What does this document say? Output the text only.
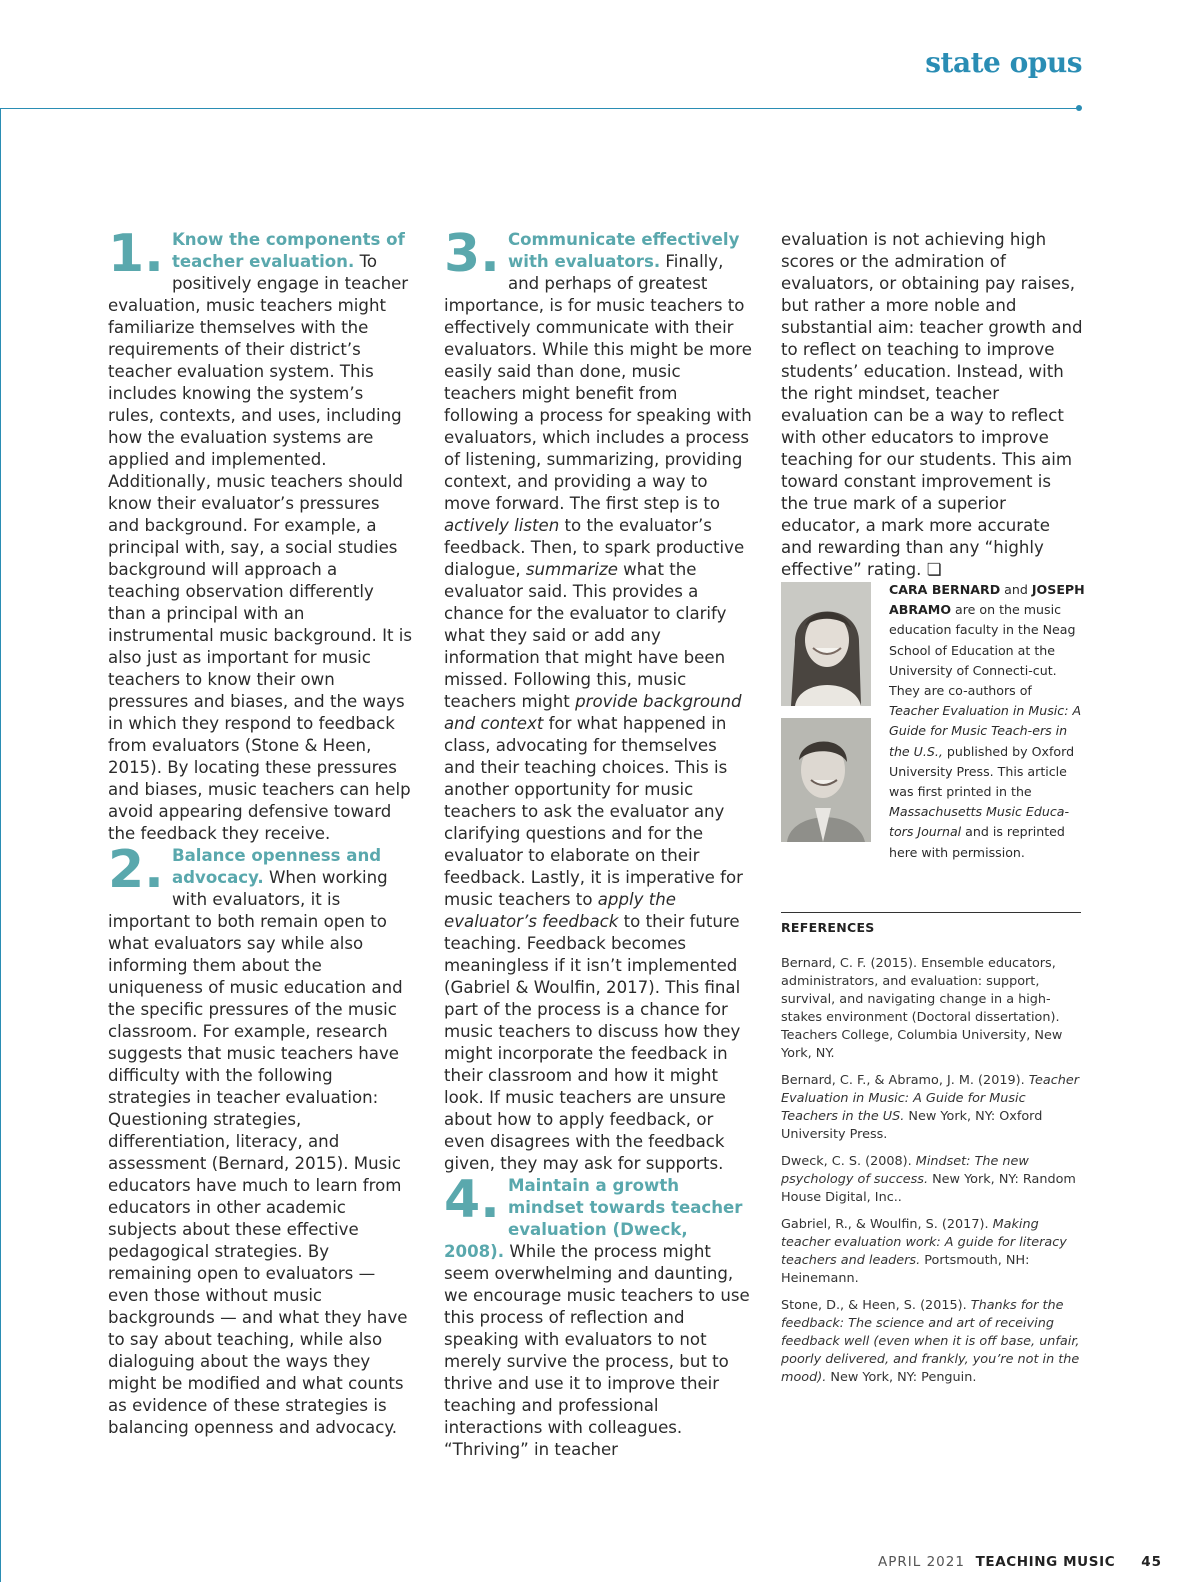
state opus

1. Know the components of teacher evaluation. To positively engage in teacher evaluation, music teachers might familiarize themselves with the requirements of their district’s teacher evaluation system. This includes knowing the system’s rules, contexts, and uses, including how the evaluation systems are applied and implemented. Additionally, music teachers should know their evaluator’s pressures and background. For example, a principal with, say, a social studies background will approach a teaching observation differently than a principal with an instrumental music background. It is also just as important for music teachers to know their own pressures and biases, and the ways in which they respond to feedback from evaluators (Stone & Heen, 2015). By locating these pressures and biases, music teachers can help avoid appearing defensive toward the feedback they receive.

2. Balance openness and advocacy. When working with evaluators, it is important to both remain open to what evaluators say while also informing them about the uniqueness of music education and the specific pressures of the music classroom. For example, research suggests that music teachers have difficulty with the following strategies in teacher evaluation: Questioning strategies, differentiation, literacy, and assessment (Bernard, 2015). Music educators have much to learn from educators in other academic subjects about these effective pedagogical strategies. By remaining open to evaluators — even those without music backgrounds — and what they have to say about teaching, while also dialoguing about the ways they might be modified and what counts as evidence of these strategies is balancing openness and advocacy.

3. Communicate effectively with evaluators. Finally, and perhaps of greatest importance, is for music teachers to effectively communicate with their evaluators. While this might be more easily said than done, music teachers might benefit from following a process for speaking with evaluators, which includes a process of listening, summarizing, providing context, and providing a way to move forward. The first step is to actively listen to the evaluator’s feedback. Then, to spark productive dialogue, summarize what the evaluator said. This provides a chance for the evaluator to clarify what they said or add any information that might have been missed. Following this, music teachers might provide background and context for what happened in class, advocating for themselves and their teaching choices. This is another opportunity for music teachers to ask the evaluator any clarifying questions and for the evaluator to elaborate on their feedback. Lastly, it is imperative for music teachers to apply the evaluator’s feedback to their future teaching. Feedback becomes meaningless if it isn’t implemented (Gabriel & Woulfin, 2017). This final part of the process is a chance for music teachers to discuss how they might incorporate the feedback in their classroom and how it might look. If music teachers are unsure about how to apply feedback, or even disagrees with the feedback given, they may ask for supports.

4. Maintain a growth mindset towards teacher evaluation (Dweck, 2008). While the process might seem overwhelming and daunting, we encourage music teachers to use this process of reflection and speaking with evaluators to not merely survive the process, but to thrive and use it to improve their teaching and professional interactions with colleagues. “Thriving” in teacher

evaluation is not achieving high scores or the admiration of evaluators, or obtaining pay raises, but rather a more noble and substantial aim: teacher growth and to reflect on teaching to improve students’ education. Instead, with the right mindset, teacher evaluation can be a way to reflect with other educators to improve teaching for our students. This aim toward constant improvement is the true mark of a superior educator, a mark more accurate and rewarding than any “highly effective” rating. ❏

CARA BERNARD and JOSEPH ABRAMO are on the music education faculty in the Neag School of Education at the University of Connecti-cut. They are co-authors of Teacher Evaluation in Music: A Guide for Music Teach-ers in the U.S., published by Oxford University Press. This article was first printed in the Massachusetts Music Educa-tors Journal and is reprinted here with permission.
REFERENCES
Bernard, C. F. (2015). Ensemble educators, administrators, and evaluation: support, survival, and navigating change in a high-stakes environment (Doctoral dissertation). Teachers College, Columbia University, New York, NY.
Bernard, C. F., & Abramo, J. M. (2019). Teacher Evaluation in Music: A Guide for Music Teachers in the US. New York, NY: Oxford University Press.
Dweck, C. S. (2008). Mindset: The new psychology of success. New York, NY: Random House Digital, Inc..
Gabriel, R., & Woulfin, S. (2017). Making teacher evaluation work: A guide for literacy teachers and leaders. Portsmouth, NH: Heinemann.
Stone, D., & Heen, S. (2015). Thanks for the feedback: The science and art of receiving feedback well (even when it is off base, unfair, poorly delivered, and frankly, you’re not in the mood). New York, NY: Penguin.
APRIL 2021 TEACHING MUSIC 45
